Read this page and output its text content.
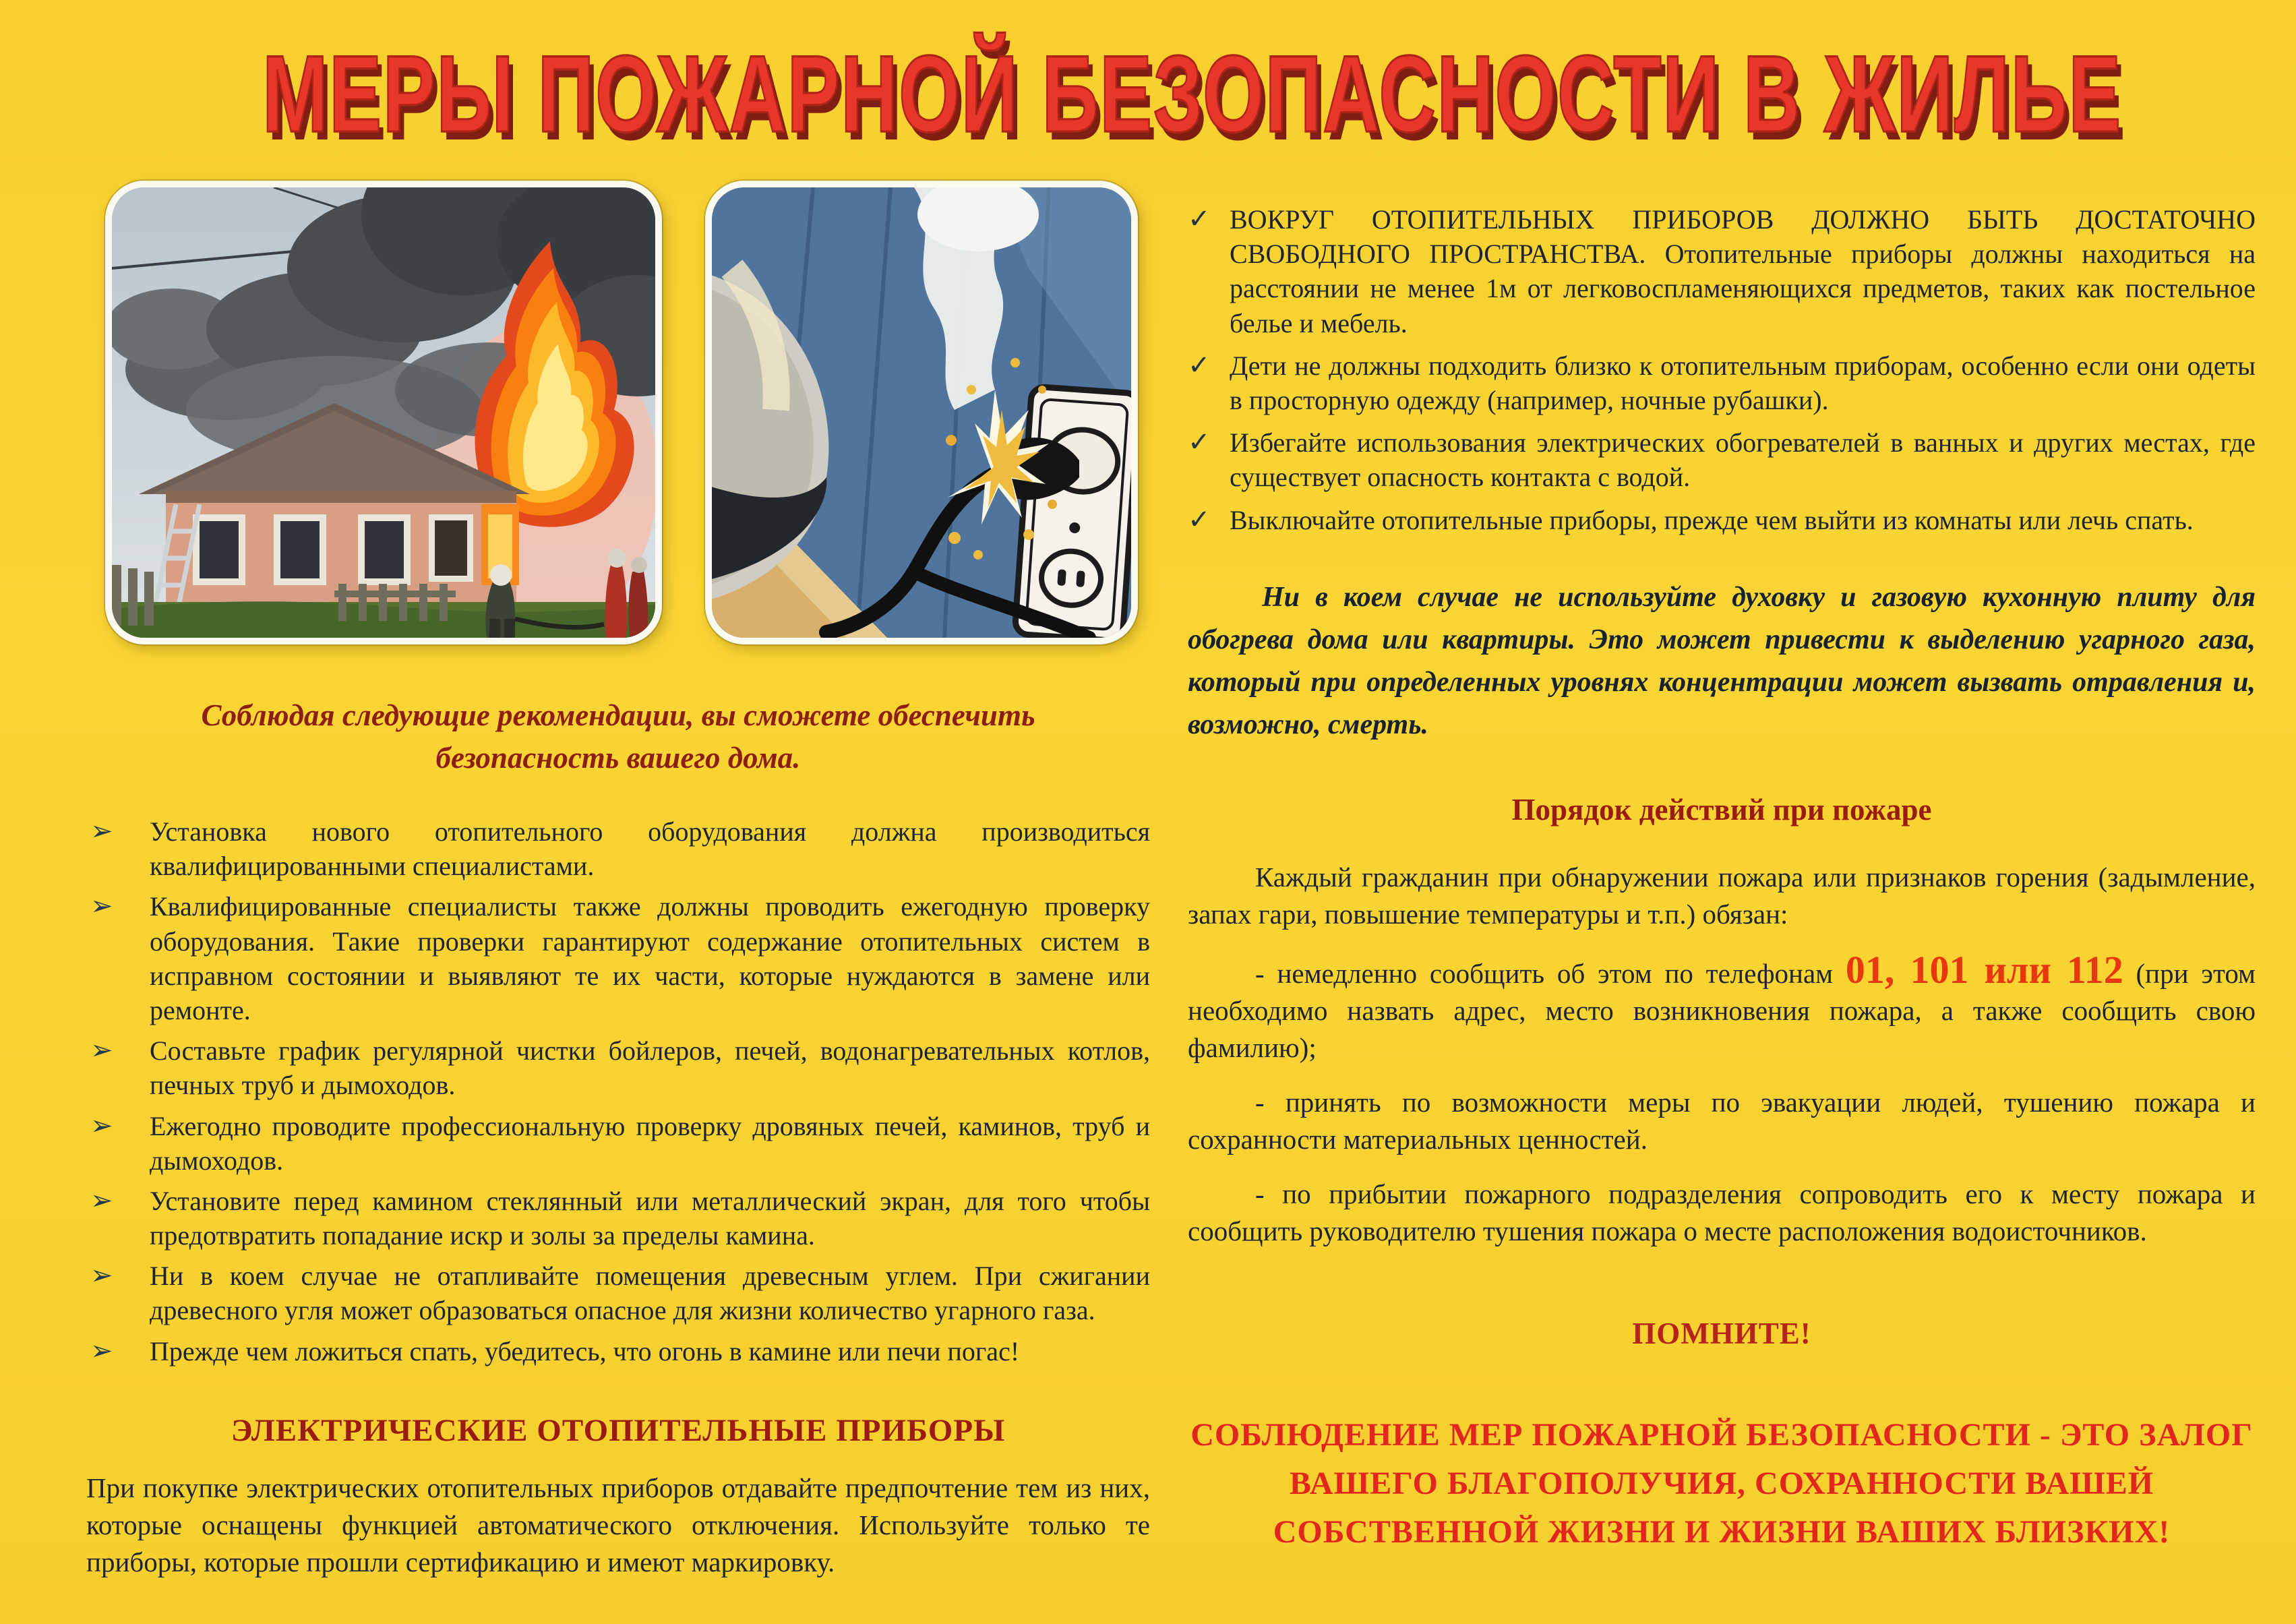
МЕРЫ ПОЖАРНОЙ БЕЗОПАСНОСТИ В ЖИЛЬЕ
Соблюдая следующие рекомендации, вы сможете обеспечить безопасность вашего дома.
➢	Установка нового отопительного оборудования должна производиться квалифицированными специалистами.
➢	Квалифицированные специалисты также должны проводить ежегодную проверку оборудования. Такие проверки гарантируют содержание отопительных систем в исправном состоянии и выявляют те их части, которые нуждаются в замене или ремонте.
➢	Составьте график регулярной чистки бойлеров, печей, водонагревательных котлов, печных труб и дымоходов.
➢	Ежегодно проводите профессиональную проверку дровяных печей, каминов, труб и дымоходов.
➢	Установите перед камином стеклянный или металлический экран, для того чтобы предотвратить попадание искр и золы за пределы камина.
➢	Ни в коем случае не отапливайте помещения древесным углем. При сжигании древесного угля может образоваться опасное для жизни количество угарного газа.
➢	Прежде чем ложиться спать, убедитесь, что огонь в камине или печи погас!
ЭЛЕКТРИЧЕСКИЕ ОТОПИТЕЛЬНЫЕ ПРИБОРЫ
При покупке электрических отопительных приборов отдавайте предпочтение тем из них, которые оснащены функцией автоматического отключения. Используйте только те приборы, которые прошли сертификацию и имеют маркировку.
✓ ВОКРУГ ОТОПИТЕЛЬНЫХ ПРИБОРОВ ДОЛЖНО БЫТЬ ДОСТАТОЧНО СВОБОДНОГО ПРОСТРАНСТВА. Отопительные приборы должны находиться на расстоянии не менее 1м от легковоспламеняющихся предметов, таких как постельное белье и мебель.
✓ Дети не должны подходить близко к отопительным приборам, особенно если они одеты в просторную одежду (например, ночные рубашки).
✓ Избегайте использования электрических обогревателей в ванных и других местах, где существует опасность контакта с водой.
✓ Выключайте отопительные приборы, прежде чем выйти из комнаты или лечь спать.
Ни в коем случае не используйте духовку и газовую кухонную плиту для обогрева дома или квартиры. Это может привести к выделению угарного газа, который при определенных уровнях концентрации может вызвать отравления и, возможно, смерть.
Порядок действий при пожаре
Каждый гражданин при обнаружении пожара или признаков горения (задымление, запах гари, повышение температуры и т.п.) обязан:
- немедленно сообщить об этом по телефонам 01, 101 или 112 (при этом необходимо назвать адрес, место возникновения пожара, а также сообщить свою фамилию);
- принять по возможности меры по эвакуации людей, тушению пожара и сохранности материальных ценностей.
- по прибытии пожарного подразделения сопроводить его к месту пожара и сообщить руководителю тушения пожара о месте расположения водоисточников.
ПОМНИТЕ!
СОБЛЮДЕНИЕ МЕР ПОЖАРНОЙ БЕЗОПАСНОСТИ - ЭТО ЗАЛОГ ВАШЕГО БЛАГОПОЛУЧИЯ, СОХРАННОСТИ ВАШЕЙ СОБСТВЕННОЙ ЖИЗНИ И ЖИЗНИ ВАШИХ БЛИЗКИХ!
